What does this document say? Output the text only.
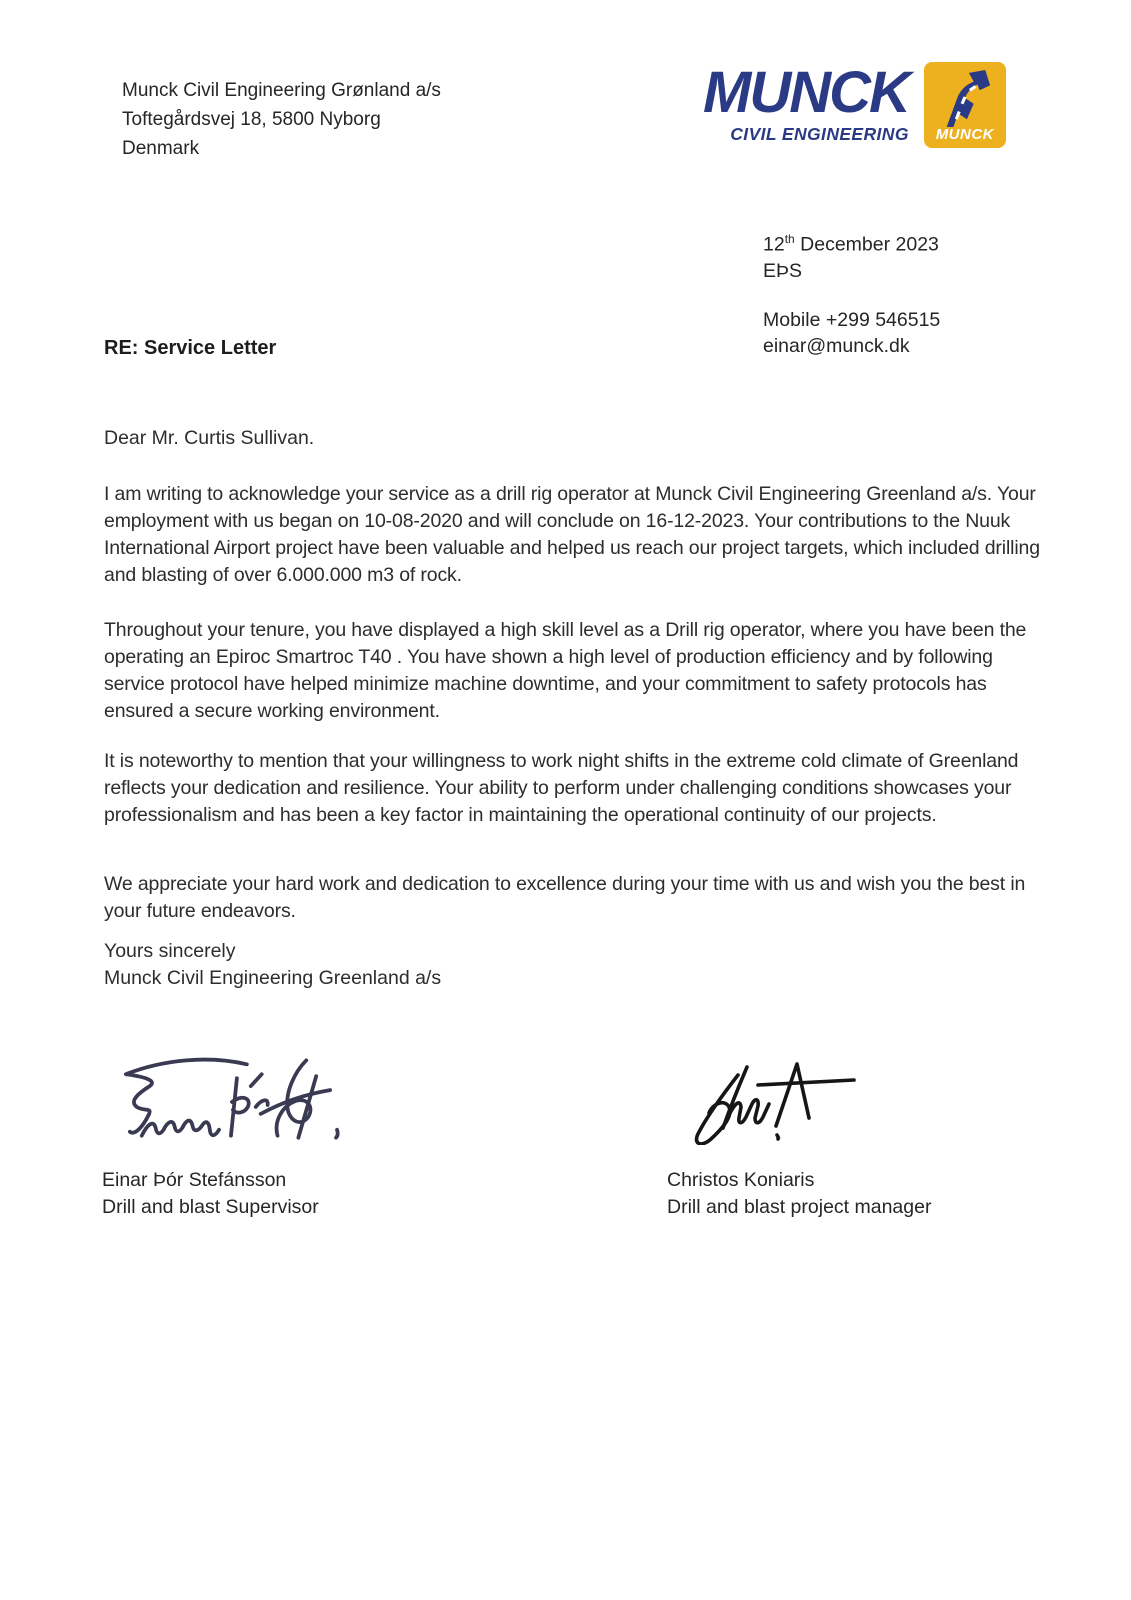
Munck Civil Engineering Grønland a/s
Toftegårdsvej 18, 5800 Nyborg
Denmark
MUNCK
CIVIL ENGINEERING MUNCK
12th December 2023
EÞS
Mobile +299 546515
einar@munck.dk
RE: Service Letter
Dear Mr. Curtis Sullivan.

I am writing to acknowledge your service as a drill rig operator at Munck Civil Engineering Greenland a/s. Your employment with us began on 10-08-2020 and will conclude on 16-12-2023. Your contributions to the Nuuk International Airport project have been valuable and helped us reach our project targets, which included drilling and blasting of over 6.000.000 m3 of rock.

Throughout your tenure, you have displayed a high skill level as a Drill rig operator, where you have been the operating an Epiroc Smartroc T40 . You have shown a high level of production efficiency and by following service protocol have helped minimize machine downtime, and your commitment to safety protocols has ensured a secure working environment.

It is noteworthy to mention that your willingness to work night shifts in the extreme cold climate of Greenland reflects your dedication and resilience. Your ability to perform under challenging conditions showcases your professionalism and has been a key factor in maintaining the operational continuity of our projects.

We appreciate your hard work and dedication to excellence during your time with us and wish you the best in your future endeavors.

Yours sincerely
Munck Civil Engineering Greenland a/s
Einar Þór Stefánsson
Drill and blast Supervisor
Christos Koniaris
Drill and blast project manager
